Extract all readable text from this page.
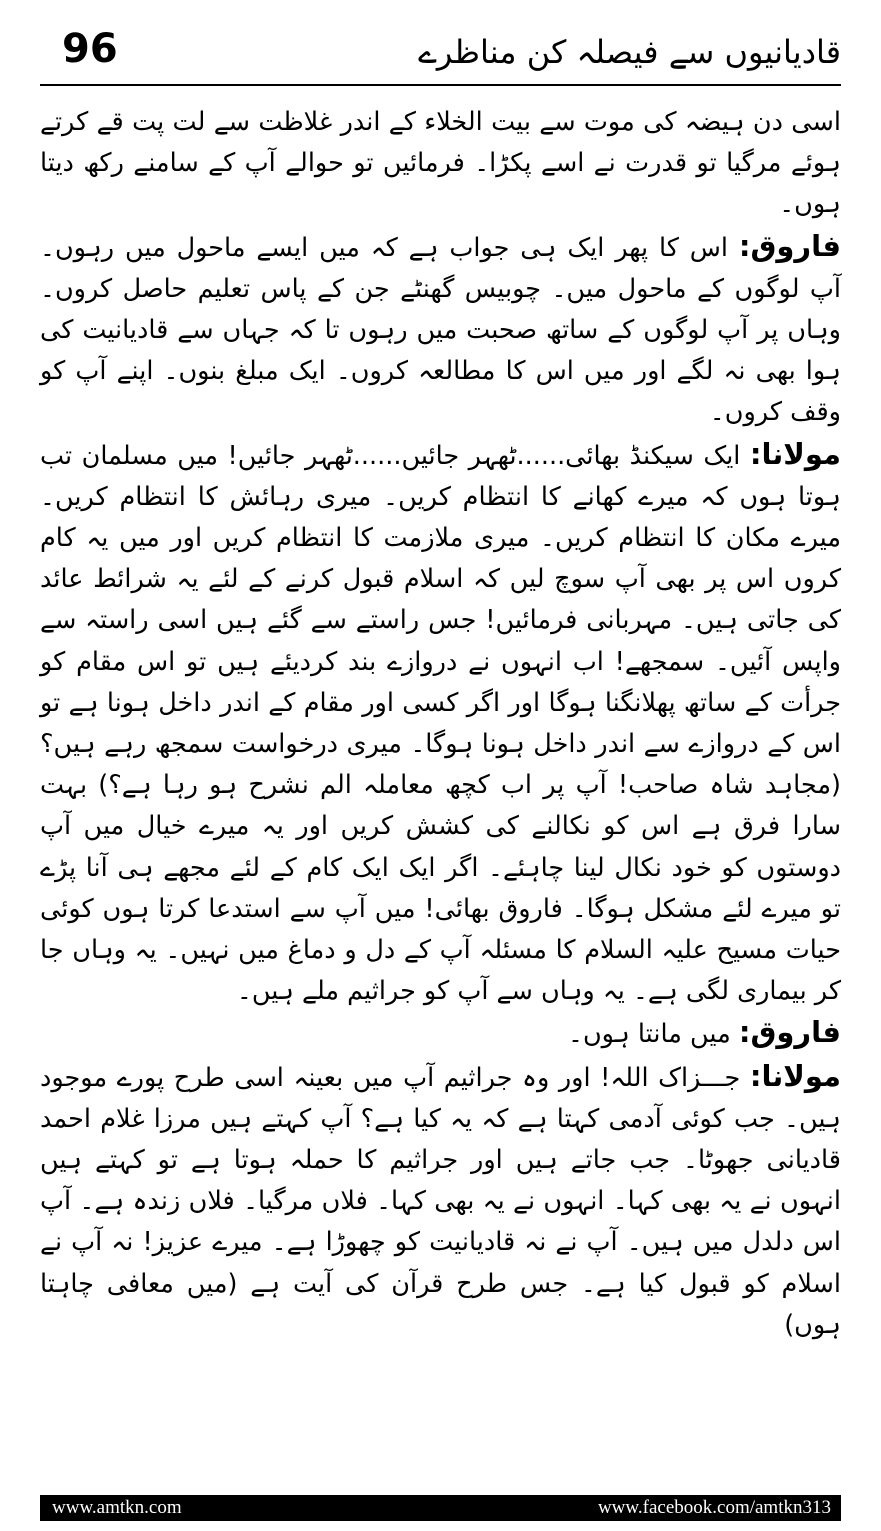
96	قادیانیوں سے فیصلہ کن مناظرے

اسی دن ہیضہ کی موت سے بیت الخلاء کے اندر غلاظت سے لت پت قے کرتے ہوئے مرگیا تو قدرت نے اسے پکڑا۔ فرمائیں تو حوالے آپ کے سامنے رکھ دیتا ہوں۔

فاروق: اس کا پھر ایک ہی جواب ہے کہ میں ایسے ماحول میں رہوں۔ آپ لوگوں کے ماحول میں۔ چوبیس گھنٹے جن کے پاس تعلیم حاصل کروں۔ وہاں پر آپ لوگوں کے ساتھ صحبت میں رہوں تا کہ جہاں سے قادیانیت کی ہوا بھی نہ لگے اور میں اس کا مطالعہ کروں۔ ایک مبلغ بنوں۔ اپنے آپ کو وقف کروں۔

مولانا: ایک سیکنڈ بھائی......ٹھہر جائیں......ٹھہر جائیں! میں مسلمان تب ہوتا ہوں کہ میرے کھانے کا انتظام کریں۔ میری رہائش کا انتظام کریں۔ میرے مکان کا انتظام کریں۔ میری ملازمت کا انتظام کریں اور میں یہ کام کروں اس پر بھی آپ سوچ لیں کہ اسلام قبول کرنے کے لئے یہ شرائط عائد کی جاتی ہیں۔ مہربانی فرمائیں! جس راستے سے گئے ہیں اسی راستہ سے واپس آئیں۔ سمجھے! اب انہوں نے دروازے بند کردیئے ہیں تو اس مقام کو جرأت کے ساتھ پھلانگنا ہوگا اور اگر کسی اور مقام کے اندر داخل ہونا ہے تو اس کے دروازے سے اندر داخل ہونا ہوگا۔ میری درخواست سمجھ رہے ہیں؟ (مجاہد شاہ صاحب! آپ پر اب کچھ معاملہ الم نشرح ہو رہا ہے؟) بہت سارا فرق ہے اس کو نکالنے کی کشش کریں اور یہ میرے خیال میں آپ دوستوں کو خود نکال لینا چاہئے۔ اگر ایک ایک کام کے لئے مجھے ہی آنا پڑے تو میرے لئے مشکل ہوگا۔ فاروق بھائی! میں آپ سے استدعا کرتا ہوں کوئی حیات مسیح علیہ السلام کا مسئلہ آپ کے دل و دماغ میں نہیں۔ یہ وہاں جا کر بیماری لگی ہے۔ یہ وہاں سے آپ کو جراثیم ملے ہیں۔

فاروق: میں مانتا ہوں۔

مولانا: جـــزاک اللہ! اور وہ جراثیم آپ میں بعینہ اسی طرح پورے موجود ہیں۔ جب کوئی آدمی کہتا ہے کہ یہ کیا ہے؟ آپ کہتے ہیں مرزا غلام احمد قادیانی جھوٹا۔ جب جاتے ہیں اور جراثیم کا حملہ ہوتا ہے تو کہتے ہیں انہوں نے یہ بھی کہا۔ انہوں نے یہ بھی کہا۔ فلاں مرگیا۔ فلاں زندہ ہے۔ آپ اس دلدل میں ہیں۔ آپ نے نہ قادیانیت کو چھوڑا ہے۔ میرے عزیز! نہ آپ نے اسلام کو قبول کیا ہے۔ جس طرح قرآن کی آیت ہے (میں معافی چاہتا ہوں)

www.amtkn.com	www.facebook.com/amtkn313
